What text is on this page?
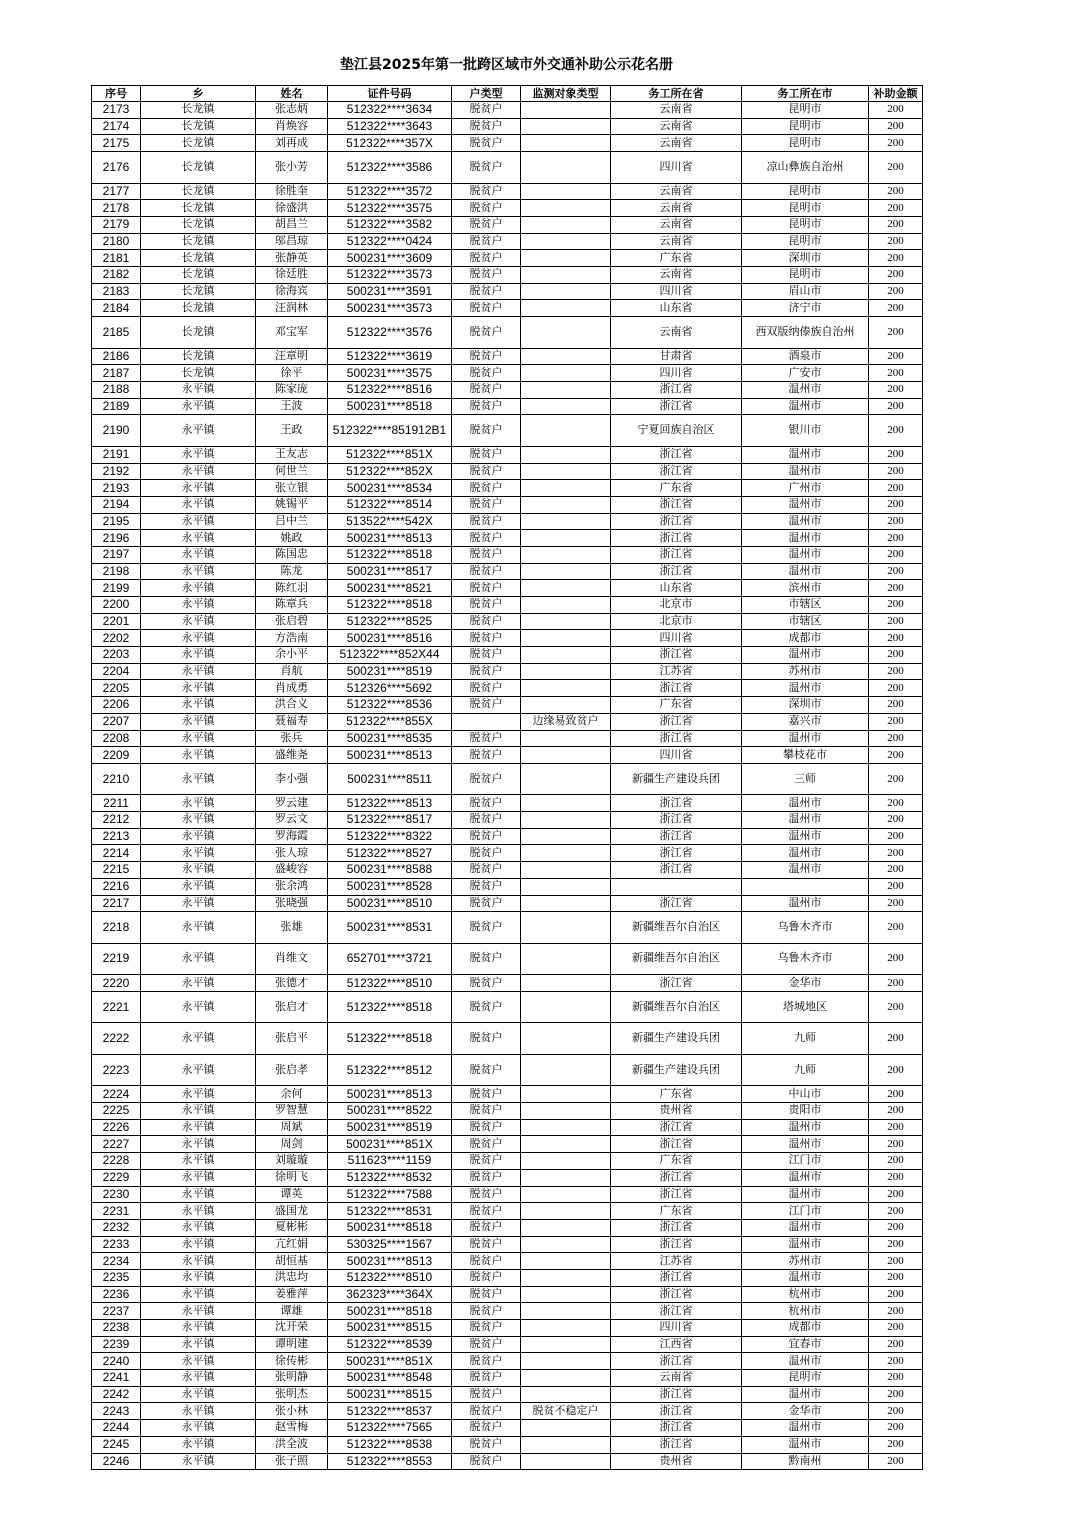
垫江县2025年第一批跨区域市外交通补助公示花名册
序号	乡	姓名	证件号码	户类型	监测对象类型	务工所在省	务工所在市	补助金额
2173	长龙镇	张志炳	512322****3634	脱贫户		云南省	昆明市	200
2174	长龙镇	肖焕容	512322****3643	脱贫户		云南省	昆明市	200
2175	长龙镇	刘再成	512322****357X	脱贫户		云南省	昆明市	200
2176	长龙镇	张小芳	512322****3586	脱贫户		四川省	凉山彝族自治州	200
2177	长龙镇	徐胜奎	512322****3572	脱贫户		云南省	昆明市	200
2178	长龙镇	徐盛洪	512322****3575	脱贫户		云南省	昆明市	200
2179	长龙镇	胡昌兰	512322****3582	脱贫户		云南省	昆明市	200
2180	长龙镇	邬昌琼	512322****0424	脱贫户		云南省	昆明市	200
2181	长龙镇	张静英	500231****3609	脱贫户		广东省	深圳市	200
2182	长龙镇	徐廷胜	512322****3573	脱贫户		云南省	昆明市	200
2183	长龙镇	徐海宾	500231****3591	脱贫户		四川省	眉山市	200
2184	长龙镇	汪润林	500231****3573	脱贫户		山东省	济宁市	200
2185	长龙镇	邓宝军	512322****3576	脱贫户		云南省	西双版纳傣族自治州	200
2186	长龙镇	汪章明	512322****3619	脱贫户		甘肃省	酒泉市	200
2187	长龙镇	徐平	500231****3575	脱贫户		四川省	广安市	200
2188	永平镇	陈家庞	512322****8516	脱贫户		浙江省	温州市	200
2189	永平镇	王波	500231****8518	脱贫户		浙江省	温州市	200
2190	永平镇	王政	512322****851912B1	脱贫户		宁夏回族自治区	银川市	200
2191	永平镇	王友志	512322****851X	脱贫户		浙江省	温州市	200
2192	永平镇	何世兰	512322****852X	脱贫户		浙江省	温州市	200
2193	永平镇	张立银	500231****8534	脱贫户		广东省	广州市	200
2194	永平镇	姚锡平	512322****8514	脱贫户		浙江省	温州市	200
2195	永平镇	吕中兰	513522****542X	脱贫户		浙江省	温州市	200
2196	永平镇	姚政	500231****8513	脱贫户		浙江省	温州市	200
2197	永平镇	陈国忠	512322****8518	脱贫户		浙江省	温州市	200
2198	永平镇	陈龙	500231****8517	脱贫户		浙江省	温州市	200
2199	永平镇	陈红羽	500231****8521	脱贫户		山东省	滨州市	200
2200	永平镇	陈章兵	512322****8518	脱贫户		北京市	市辖区	200
2201	永平镇	张启碧	512322****8525	脱贫户		北京市	市辖区	200
2202	永平镇	方浩南	500231****8516	脱贫户		四川省	成都市	200
2203	永平镇	余小平	512322****852X44	脱贫户		浙江省	温州市	200
2204	永平镇	肖航	500231****8519	脱贫户		江苏省	苏州市	200
2205	永平镇	肖成勇	512326****5692	脱贫户		浙江省	温州市	200
2206	永平镇	洪合义	512322****8536	脱贫户		广东省	深圳市	200
2207	永平镇	聂福寿	512322****855X		边缘易致贫户	浙江省	嘉兴市	200
2208	永平镇	张兵	500231****8535	脱贫户		浙江省	温州市	200
2209	永平镇	盛维尧	500231****8513	脱贫户		四川省	攀枝花市	200
2210	永平镇	李小强	500231****8511	脱贫户		新疆生产建设兵团	三师	200
2211	永平镇	罗云建	512322****8513	脱贫户		浙江省	温州市	200
2212	永平镇	罗云文	512322****8517	脱贫户		浙江省	温州市	200
2213	永平镇	罗海霞	512322****8322	脱贫户		浙江省	温州市	200
2214	永平镇	张人琼	512322****8527	脱贫户		浙江省	温州市	200
2215	永平镇	盛峻容	500231****8588	脱贫户		浙江省	温州市	200
2216	永平镇	张余鸿	500231****8528	脱贫户				200
2217	永平镇	张晓强	500231****8510	脱贫户		浙江省	温州市	200
2218	永平镇	张雄	500231****8531	脱贫户		新疆维吾尔自治区	乌鲁木齐市	200
2219	永平镇	肖维文	652701****3721	脱贫户		新疆维吾尔自治区	乌鲁木齐市	200
2220	永平镇	张德才	512322****8510	脱贫户		浙江省	金华市	200
2221	永平镇	张启才	512322****8518	脱贫户		新疆维吾尔自治区	塔城地区	200
2222	永平镇	张启平	512322****8518	脱贫户		新疆生产建设兵团	九师	200
2223	永平镇	张启孝	512322****8512	脱贫户		新疆生产建设兵团	九师	200
2224	永平镇	余何	500231****8513	脱贫户		广东省	中山市	200
2225	永平镇	罗智慧	500231****8522	脱贫户		贵州省	贵阳市	200
2226	永平镇	周斌	500231****8519	脱贫户		浙江省	温州市	200
2227	永平镇	周剑	500231****851X	脱贫户		浙江省	温州市	200
2228	永平镇	刘璇璇	511623****1159	脱贫户		广东省	江门市	200
2229	永平镇	徐明飞	512322****8532	脱贫户		浙江省	温州市	200
2230	永平镇	谭英	512322****7588	脱贫户		浙江省	温州市	200
2231	永平镇	盛国龙	512322****8531	脱贫户		广东省	江门市	200
2232	永平镇	夏彬彬	500231****8518	脱贫户		浙江省	温州市	200
2233	永平镇	亢红娟	530325****1567	脱贫户		浙江省	温州市	200
2234	永平镇	胡恒基	500231****8513	脱贫户		江苏省	苏州市	200
2235	永平镇	洪忠均	512322****8510	脱贫户		浙江省	温州市	200
2236	永平镇	姜雅萍	362323****364X	脱贫户		浙江省	杭州市	200
2237	永平镇	谭雄	500231****8518	脱贫户		浙江省	杭州市	200
2238	永平镇	沈开荣	500231****8515	脱贫户		四川省	成都市	200
2239	永平镇	谭明建	512322****8539	脱贫户		江西省	宜春市	200
2240	永平镇	徐传彬	500231****851X	脱贫户		浙江省	温州市	200
2241	永平镇	张明静	500231****8548	脱贫户		云南省	昆明市	200
2242	永平镇	张明杰	500231****8515	脱贫户		浙江省	温州市	200
2243	永平镇	张小林	512322****8537	脱贫户	脱贫不稳定户	浙江省	金华市	200
2244	永平镇	赵雪梅	512322****7565	脱贫户		浙江省	温州市	200
2245	永平镇	洪全波	512322****8538	脱贫户		浙江省	温州市	200
2246	永平镇	张子照	512322****8553	脱贫户		贵州省	黔南州	200
